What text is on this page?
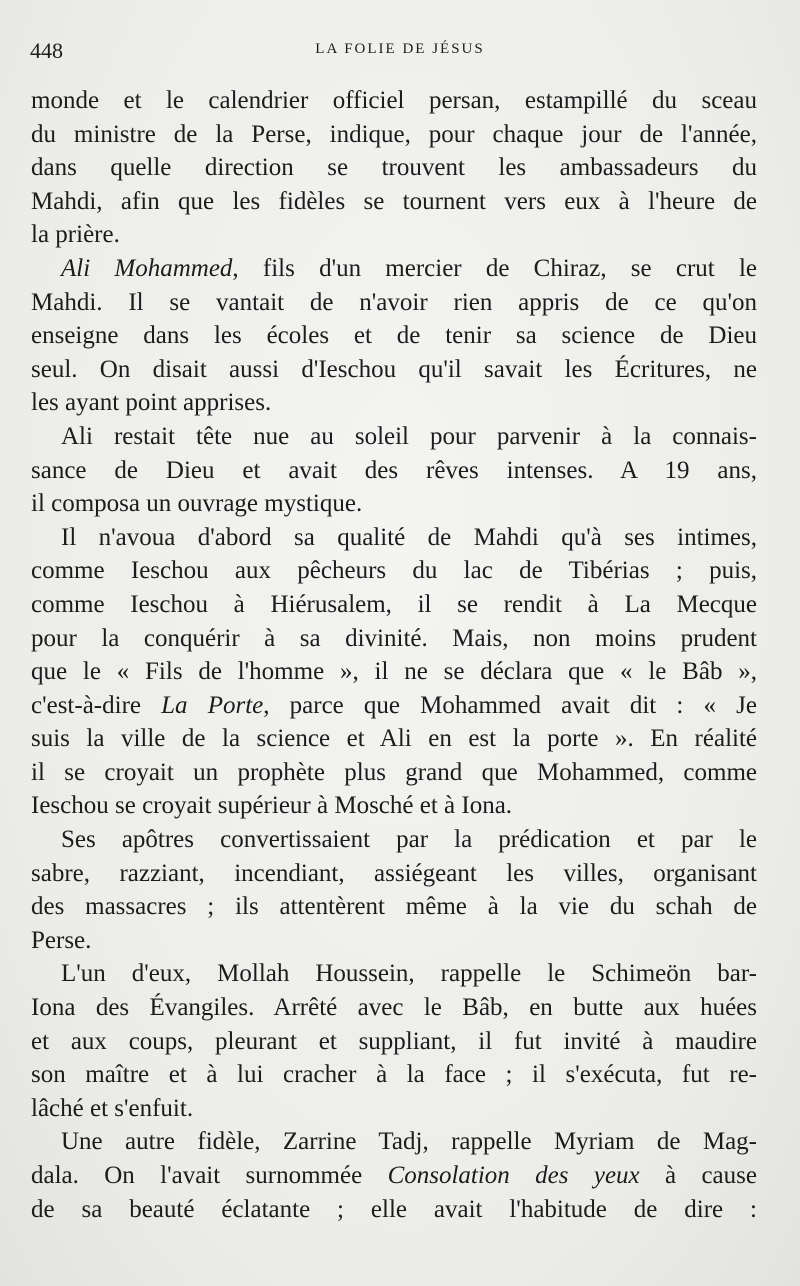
448	LA FOLIE DE JÉSUS
monde et le calendrier officiel persan, estampillé du sceau
du ministre de la Perse, indique, pour chaque jour de l'année,
dans quelle direction se trouvent les ambassadeurs du
Mahdi, afin que les fidèles se tournent vers eux à l'heure de
la prière.
Ali Mohammed, fils d'un mercier de Chiraz, se crut le
Mahdi. Il se vantait de n'avoir rien appris de ce qu'on
enseigne dans les écoles et de tenir sa science de Dieu
seul. On disait aussi d'Ieschou qu'il savait les Écritures, ne
les ayant point apprises.
Ali restait tête nue au soleil pour parvenir à la connais-
sance de Dieu et avait des rêves intenses. A 19 ans,
il composa un ouvrage mystique.
Il n'avoua d'abord sa qualité de Mahdi qu'à ses intimes,
comme Ieschou aux pêcheurs du lac de Tibérias ; puis,
comme Ieschou à Hiérusalem, il se rendit à La Mecque
pour la conquérir à sa divinité. Mais, non moins prudent
que le « Fils de l'homme », il ne se déclara que « le Bâb »,
c'est-à-dire La Porte, parce que Mohammed avait dit : « Je
suis la ville de la science et Ali en est la porte ». En réalité
il se croyait un prophète plus grand que Mohammed, comme
Ieschou se croyait supérieur à Mosché et à Iona.
Ses apôtres convertissaient par la prédication et par le
sabre, razziant, incendiant, assiégeant les villes, organisant
des massacres ; ils attentèrent même à la vie du schah de
Perse.
L'un d'eux, Mollah Houssein, rappelle le Schimeön bar-
Iona des Évangiles. Arrêté avec le Bâb, en butte aux huées
et aux coups, pleurant et suppliant, il fut invité à maudire
son maître et à lui cracher à la face ; il s'exécuta, fut re-
lâché et s'enfuit.
Une autre fidèle, Zarrine Tadj, rappelle Myriam de Mag-
dala. On l'avait surnommée Consolation des yeux à cause
de sa beauté éclatante ; elle avait l'habitude de dire :
